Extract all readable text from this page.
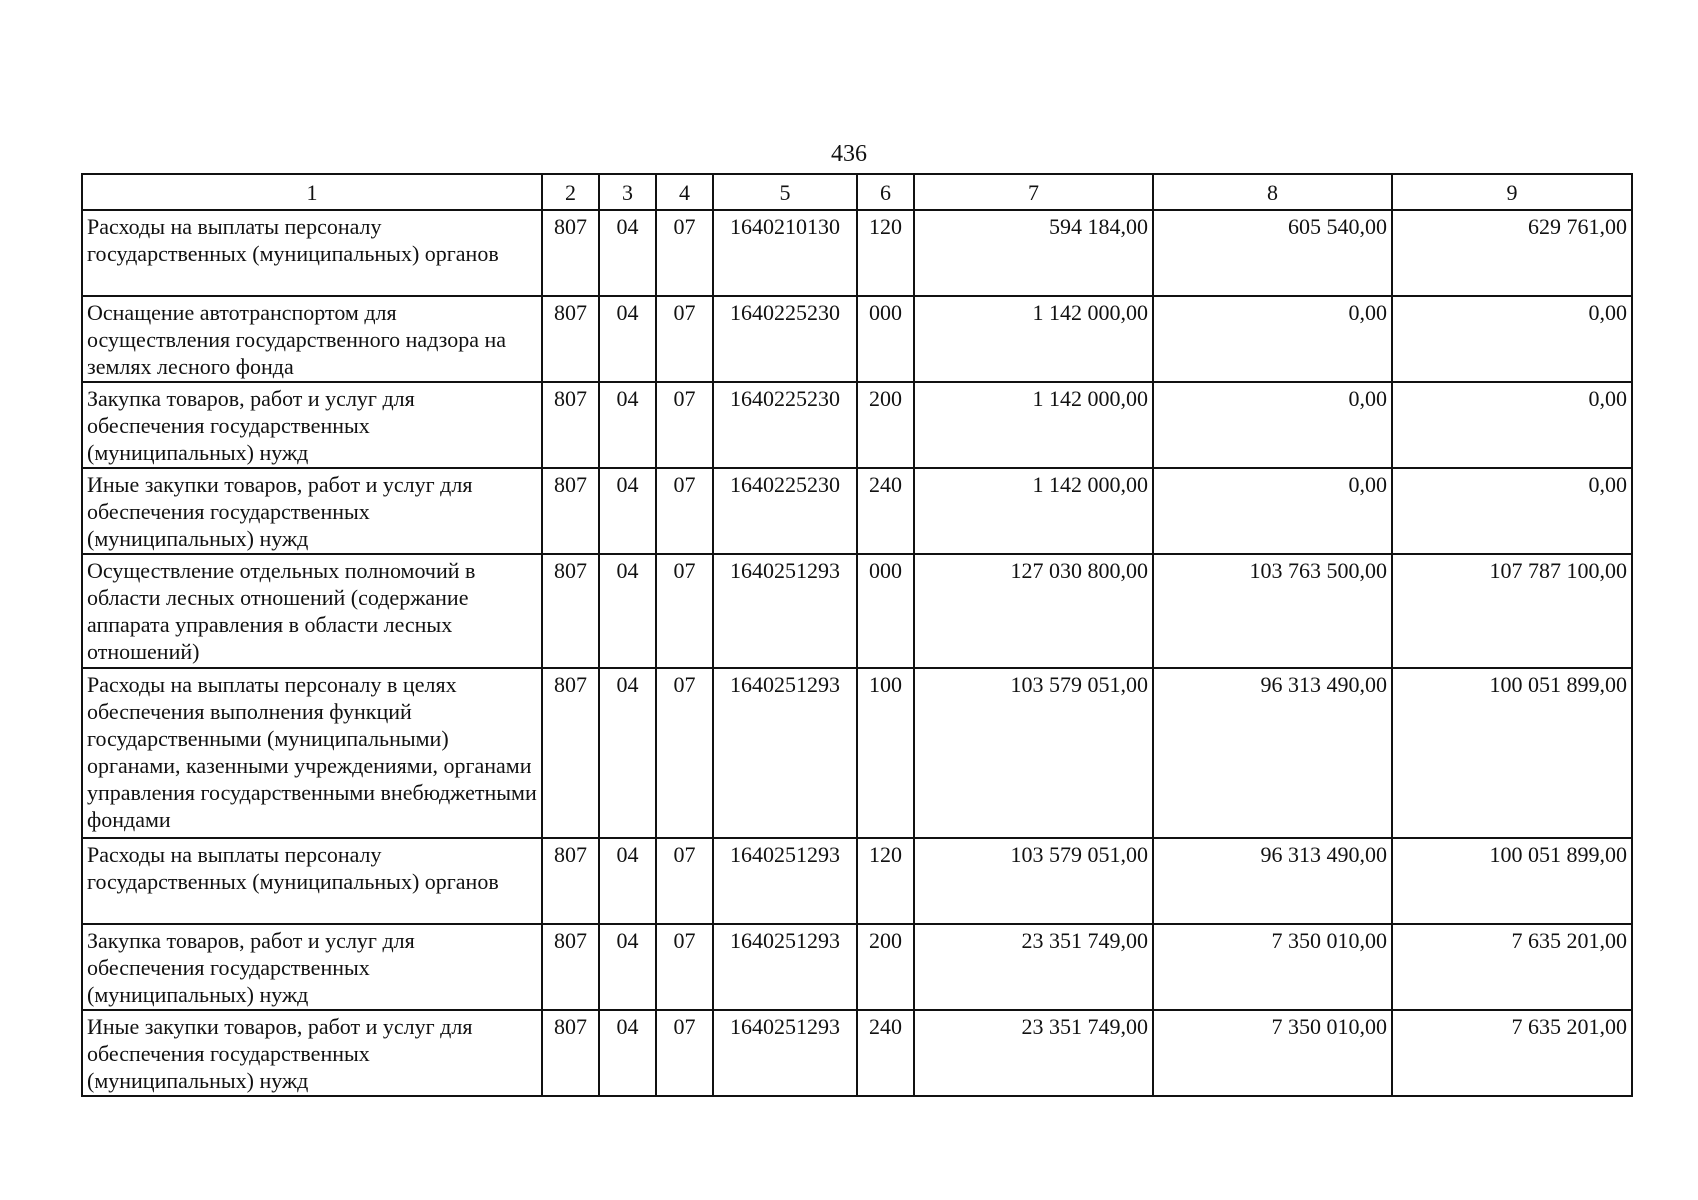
436
1	2	3	4	5	6	7	8	9
Расходы на выплаты персоналу государственных (муниципальных) органов	807	04	07	1640210130	120	594 184,00	605 540,00	629 761,00
Оснащение автотранспортом для осуществления государственного надзора на землях лесного фонда	807	04	07	1640225230	000	1 142 000,00	0,00	0,00
Закупка товаров, работ и услуг для обеспечения государственных (муниципальных) нужд	807	04	07	1640225230	200	1 142 000,00	0,00	0,00
Иные закупки товаров, работ и услуг для обеспечения государственных (муниципальных) нужд	807	04	07	1640225230	240	1 142 000,00	0,00	0,00
Осуществление отдельных полномочий в области лесных отношений (содержание аппарата управления в области лесных отношений)	807	04	07	1640251293	000	127 030 800,00	103 763 500,00	107 787 100,00
Расходы на выплаты персоналу в целях обеспечения выполнения функций государственными (муниципальными) органами, казенными учреждениями, органами управления государственными внебюджетными фондами	807	04	07	1640251293	100	103 579 051,00	96 313 490,00	100 051 899,00
Расходы на выплаты персоналу государственных (муниципальных) органов	807	04	07	1640251293	120	103 579 051,00	96 313 490,00	100 051 899,00
Закупка товаров, работ и услуг для обеспечения государственных (муниципальных) нужд	807	04	07	1640251293	200	23 351 749,00	7 350 010,00	7 635 201,00
Иные закупки товаров, работ и услуг для обеспечения государственных (муниципальных) нужд	807	04	07	1640251293	240	23 351 749,00	7 350 010,00	7 635 201,00
